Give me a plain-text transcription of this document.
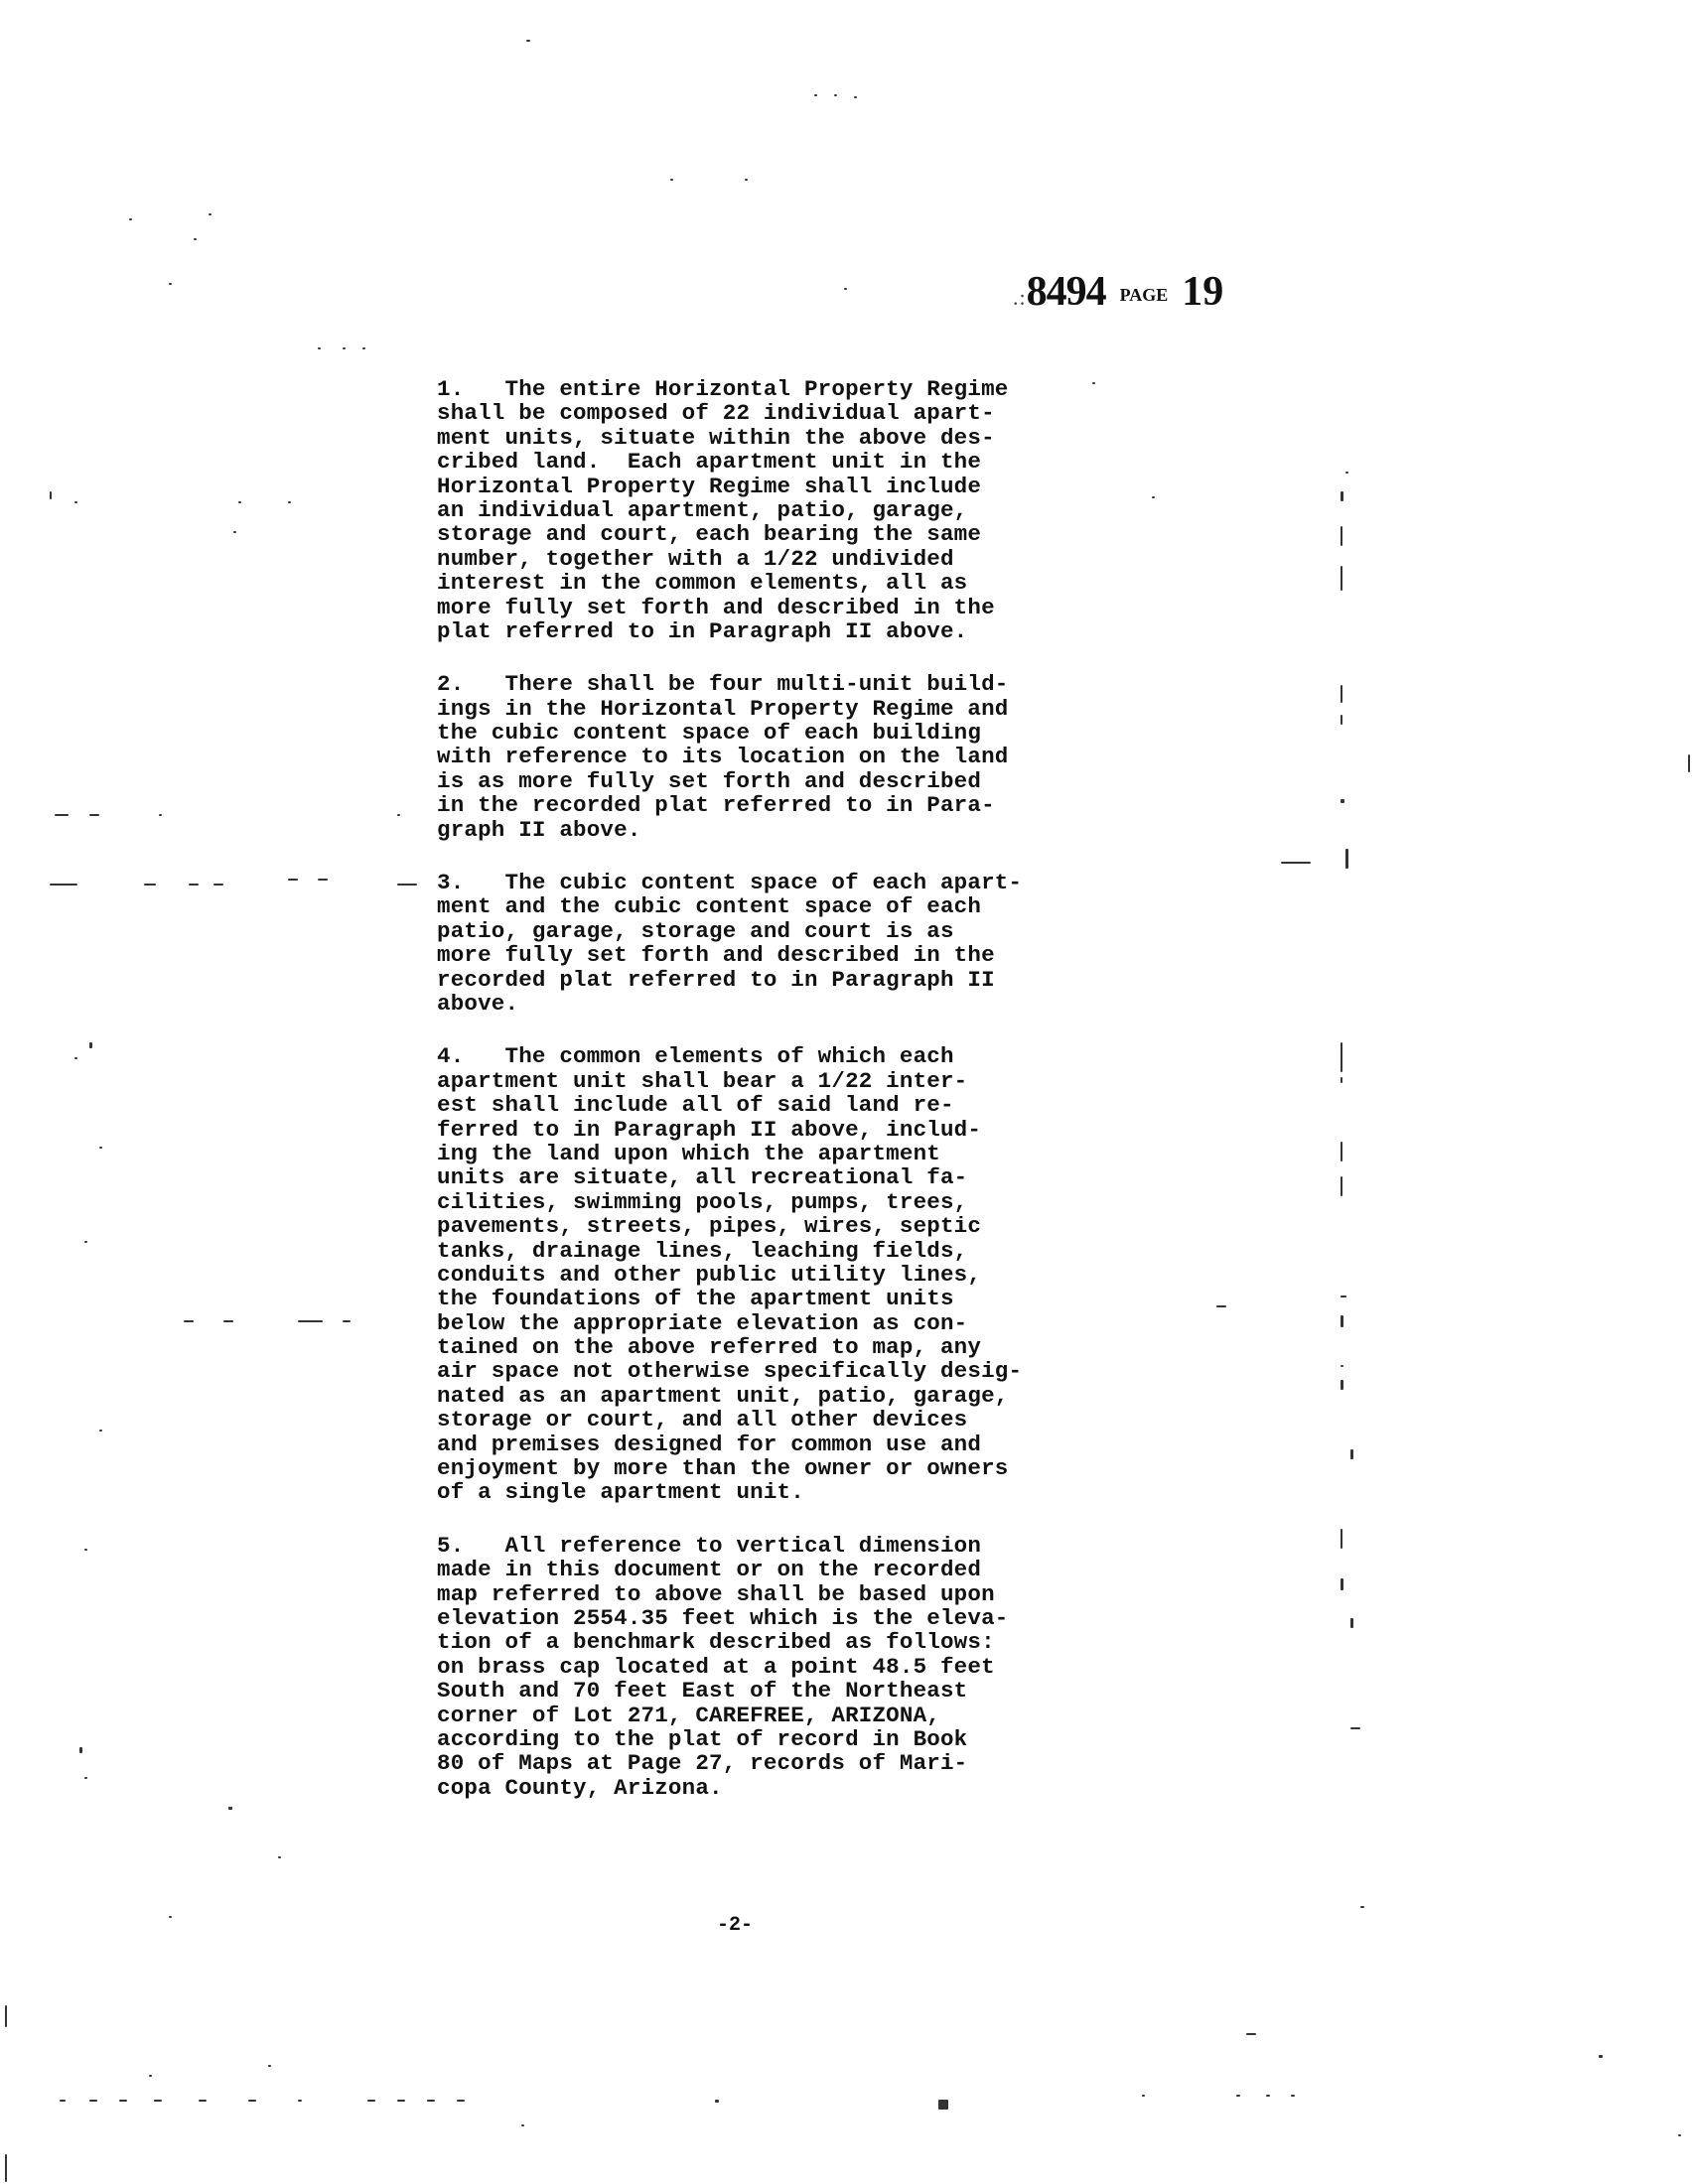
.:8494 PAGE 19
1.   The entire Horizontal Property Regime
shall be composed of 22 individual apart-
ment units, situate within the above des-
cribed land.  Each apartment unit in the
Horizontal Property Regime shall include
an individual apartment, patio, garage,
storage and court, each bearing the same
number, together with a 1/22 undivided
interest in the common elements, all as
more fully set forth and described in the
plat referred to in Paragraph II above.
2.   There shall be four multi-unit build-
ings in the Horizontal Property Regime and
the cubic content space of each building
with reference to its location on the land
is as more fully set forth and described
in the recorded plat referred to in Para-
graph II above.
3.   The cubic content space of each apart-
ment and the cubic content space of each
patio, garage, storage and court is as
more fully set forth and described in the
recorded plat referred to in Paragraph II
above.
4.   The common elements of which each
apartment unit shall bear a 1/22 inter-
est shall include all of said land re-
ferred to in Paragraph II above, includ-
ing the land upon which the apartment
units are situate, all recreational fa-
cilities, swimming pools, pumps, trees,
pavements, streets, pipes, wires, septic
tanks, drainage lines, leaching fields,
conduits and other public utility lines,
the foundations of the apartment units
below the appropriate elevation as con-
tained on the above referred to map, any
air space not otherwise specifically desig-
nated as an apartment unit, patio, garage,
storage or court, and all other devices
and premises designed for common use and
enjoyment by more than the owner or owners
of a single apartment unit.
5.   All reference to vertical dimension
made in this document or on the recorded
map referred to above shall be based upon
elevation 2554.35 feet which is the eleva-
tion of a benchmark described as follows:
on brass cap located at a point 48.5 feet
South and 70 feet East of the Northeast
corner of Lot 271, CAREFREE, ARIZONA,
according to the plat of record in Book
80 of Maps at Page 27, records of Mari-
copa County, Arizona.
-2-
